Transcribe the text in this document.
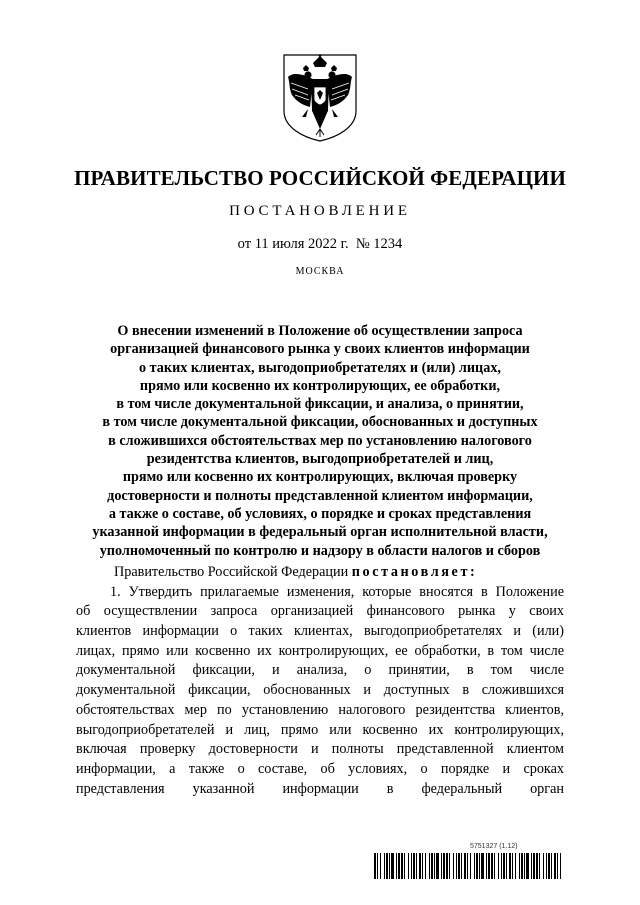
ПРАВИТЕЛЬСТВО РОССИЙСКОЙ ФЕДЕРАЦИИ
ПОСТАНОВЛЕНИЕ
от 11 июля 2022 г.  № 1234
МОСКВА
О внесении изменений в Положение об осуществлении запроса
организацией финансового рынка у своих клиентов информации
о таких клиентах, выгодоприобретателях и (или) лицах,
прямо или косвенно их контролирующих, ее обработки,
в том числе документальной фиксации, и анализа, о принятии,
в том числе документальной фиксации, обоснованных и доступных
в сложившихся обстоятельствах мер по установлению налогового
резидентства клиентов, выгодоприобретателей и лиц,
прямо или косвенно их контролирующих, включая проверку
достоверности и полноты представленной клиентом информации,
а также о составе, об условиях, о порядке и сроках представления
указанной информации в федеральный орган исполнительной власти,
уполномоченный по контролю и надзору в области налогов и сборов
Правительство Российской Федерации постановляет:
1. Утвердить прилагаемые изменения, которые вносятся в Положение
об осуществлении запроса организацией финансового рынка у своих
клиентов информации о таких клиентах, выгодоприобретателях и (или)
лицах, прямо или косвенно их контролирующих, ее обработки, в том числе
документальной фиксации, и анализа, о принятии, в том числе
документальной фиксации, обоснованных и доступных в сложившихся
обстоятельствах мер по установлению налогового резидентства клиентов,
выгодоприобретателей и лиц, прямо или косвенно их контролирующих,
включая проверку достоверности и полноты представленной клиентом
информации, а также о составе, об условиях, о порядке и сроках
представления указанной информации в федеральный орган
5751327 (1.12)
